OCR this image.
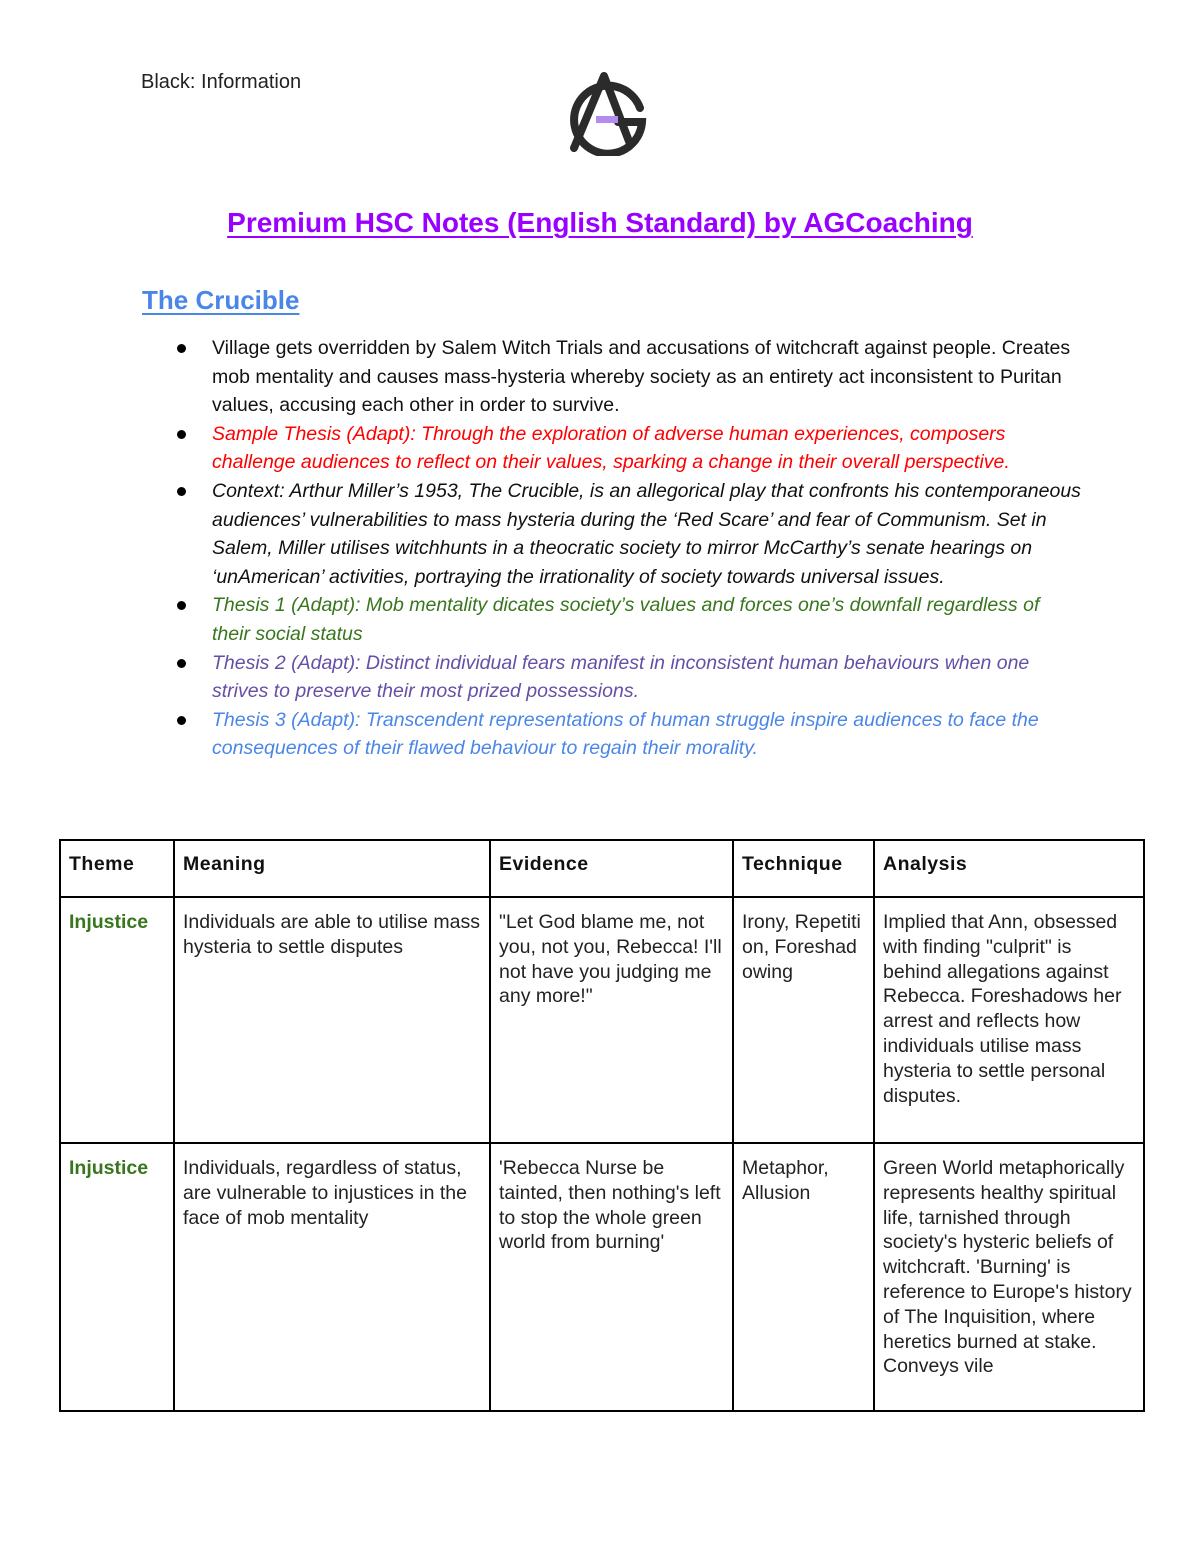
Black: Information
Premium HSC Notes (English Standard) by AGCoaching
The Crucible
Village gets overridden by Salem Witch Trials and accusations of witchcraft against people. Creates mob mentality and causes mass-hysteria whereby society as an entirety act inconsistent to Puritan values, accusing each other in order to survive.
Sample Thesis (Adapt): Through the exploration of adverse human experiences, composers challenge audiences to reflect on their values, sparking a change in their overall perspective.
Context: Arthur Miller’s 1953, The Crucible, is an allegorical play that confronts his contemporaneous audiences’ vulnerabilities to mass hysteria during the ‘Red Scare’ and fear of Communism. Set in Salem, Miller utilises witchhunts in a theocratic society to mirror McCarthy’s senate hearings on ‘unAmerican’ activities, portraying the irrationality of society towards universal issues.
Thesis 1 (Adapt): Mob mentality dicates society’s values and forces one’s downfall regardless of their social status
Thesis 2 (Adapt): Distinct individual fears manifest in inconsistent human behaviours when one strives to preserve their most prized possessions.
Thesis 3 (Adapt): Transcendent representations of human struggle inspire audiences to face the consequences of their flawed behaviour to regain their morality.
Theme	Meaning	Evidence	Technique	Analysis
Injustice	Individuals are able to utilise mass hysteria to settle disputes	"Let God blame me, not you, not you, Rebecca! I'll not have you judging me any more!"	Irony, Repetition, Foreshadowing	Implied that Ann, obsessed with finding "culprit" is behind allegations against Rebecca. Foreshadows her arrest and reflects how individuals utilise mass hysteria to settle personal disputes.
Injustice	Individuals, regardless of status, are vulnerable to injustices in the face of mob mentality	'Rebecca Nurse be tainted, then nothing's left to stop the whole green world from burning'	Metaphor, Allusion	Green World metaphorically represents healthy spiritual life, tarnished through society's hysteric beliefs of witchcraft. 'Burning' is reference to Europe's history of The Inquisition, where heretics burned at stake. Conveys vile
